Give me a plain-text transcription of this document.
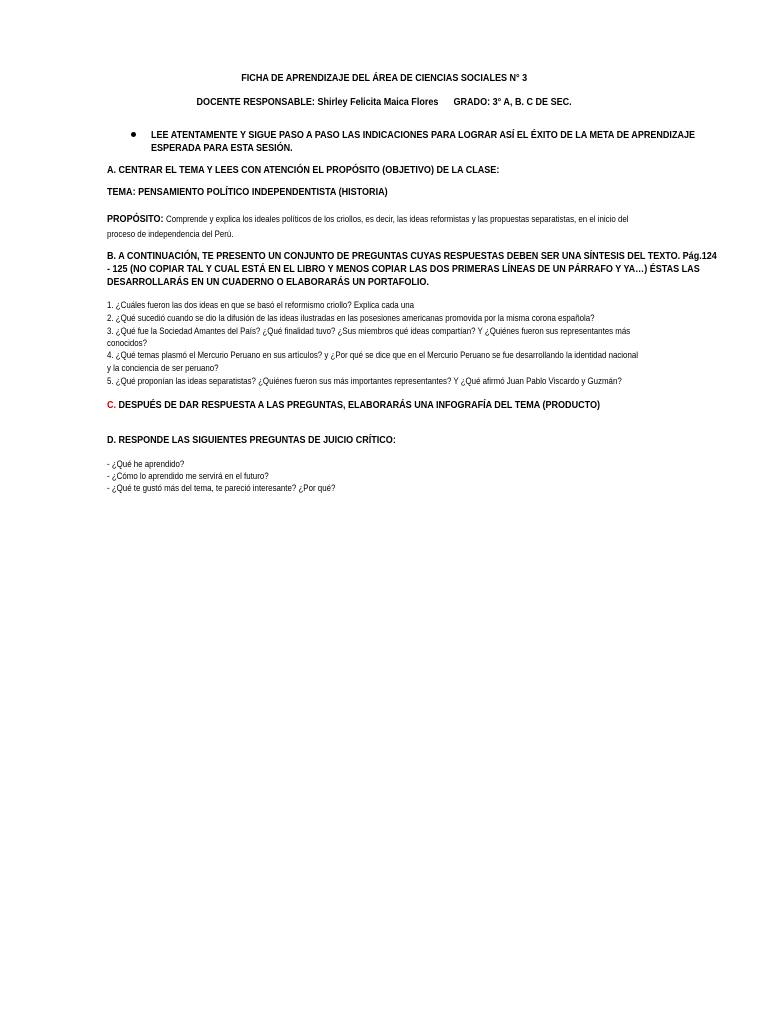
FICHA DE APRENDIZAJE DEL ÁREA DE CIENCIAS SOCIALES N° 3
DOCENTE RESPONSABLE: Shirley Felicita Maica Flores GRADO: 3° A, B. C DE SEC.
LEE ATENTAMENTE Y SIGUE PASO A PASO LAS INDICACIONES PARA LOGRAR ASÍ EL ÉXITO DE LA META DE APRENDIZAJE
ESPERADA PARA ESTA SESIÓN.
A. CENTRAR EL TEMA Y LEES CON ATENCIÓN EL PROPÓSITO (OBJETIVO) DE LA CLASE:
TEMA: PENSAMIENTO POLÍTICO INDEPENDENTISTA (HISTORIA)
PROPÓSITO: Comprende y explica los ideales políticos de los criollos, es decir, las ideas reformistas y las propuestas separatistas, en el inicio del
proceso de independencia del Perú.
B. A CONTINUACIÓN, TE PRESENTO UN CONJUNTO DE PREGUNTAS CUYAS RESPUESTAS DEBEN SER UNA SÍNTESIS DEL TEXTO. Pág.124
- 125 (NO COPIAR TAL Y CUAL ESTÁ EN EL LIBRO Y MENOS COPIAR LAS DOS PRIMERAS LÍNEAS DE UN PÁRRAFO Y YA…) ÉSTAS LAS
DESARROLLARÁS EN UN CUADERNO O ELABORARÁS UN PORTAFOLIO.
1. ¿Cuáles fueron las dos ideas en que se basó el reformismo criollo? Explica cada una
2. ¿Qué sucedió cuando se dio la difusión de las ideas ilustradas en las posesiones americanas promovida por la misma corona española?
3. ¿Qué fue la Sociedad Amantes del País? ¿Qué finalidad tuvo? ¿Sus miembros qué ideas compartían? Y ¿Quiénes fueron sus representantes más
conocidos?
4. ¿Qué temas plasmó el Mercurio Peruano en sus artículos? y ¿Por qué se dice que en el Mercurio Peruano se fue desarrollando la identidad nacional
y la conciencia de ser peruano?
5. ¿Qué proponían las ideas separatistas? ¿Quiénes fueron sus más importantes representantes? Y ¿Qué afirmó Juan Pablo Viscardo y Guzmán?
C. DESPUÉS DE DAR RESPUESTA A LAS PREGUNTAS, ELABORARÁS UNA INFOGRAFÍA DEL TEMA (PRODUCTO)
D. RESPONDE LAS SIGUIENTES PREGUNTAS DE JUICIO CRÍTICO:
- ¿Qué he aprendido?
- ¿Cómo lo aprendido me servirá en el futuro?
- ¿Qué te gustó más del tema, te pareció interesante? ¿Por qué?
